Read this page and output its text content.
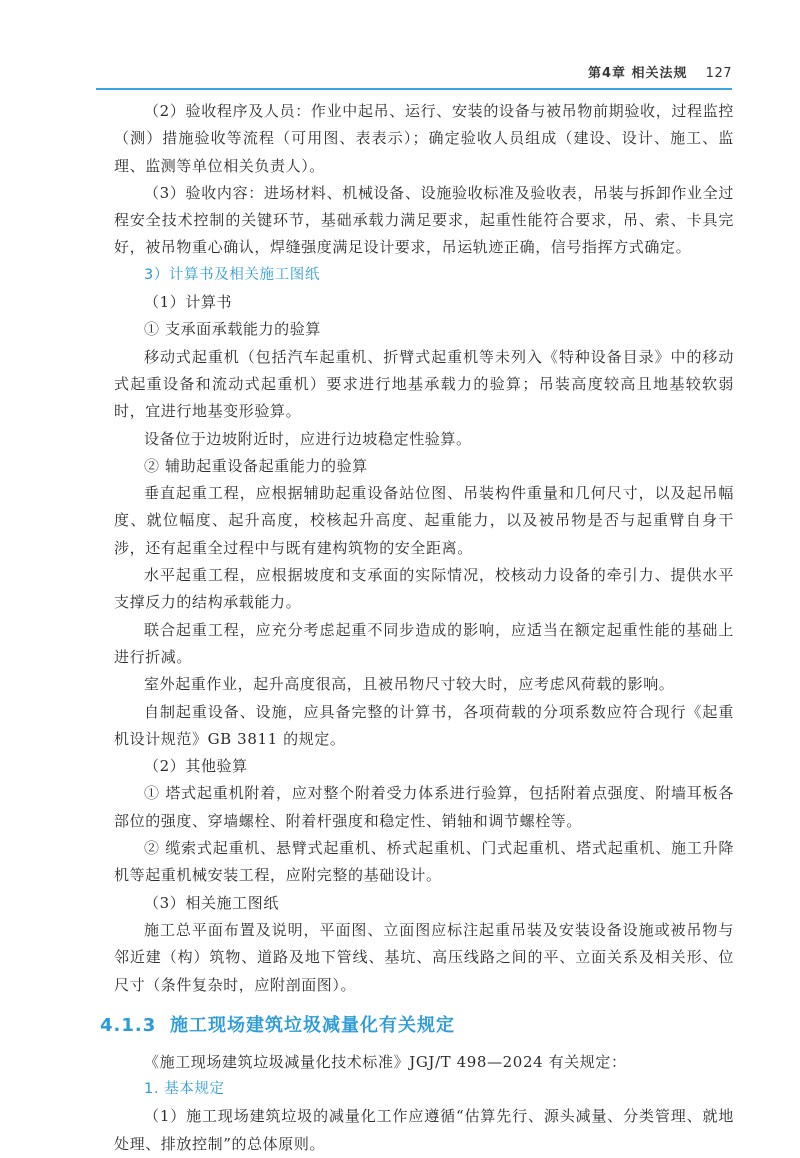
第4章 相关法规 127

（2）验收程序及人员：作业中起吊、运行、安装的设备与被吊物前期验收，过程监控（测）措施验收等流程（可用图、表表示）；确定验收人员组成（建设、设计、施工、监理、监测等单位相关负责人）。

（3）验收内容：进场材料、机械设备、设施验收标准及验收表，吊装与拆卸作业全过程安全技术控制的关键环节，基础承载力满足要求，起重性能符合要求，吊、索、卡具完好，被吊物重心确认，焊缝强度满足设计要求，吊运轨迹正确，信号指挥方式确定。

3）计算书及相关施工图纸

（1）计算书

① 支承面承载能力的验算

移动式起重机（包括汽车起重机、折臂式起重机等未列入《特种设备目录》中的移动式起重设备和流动式起重机）要求进行地基承载力的验算；吊装高度较高且地基较软弱时，宜进行地基变形验算。

设备位于边坡附近时，应进行边坡稳定性验算。

② 辅助起重设备起重能力的验算

垂直起重工程，应根据辅助起重设备站位图、吊装构件重量和几何尺寸，以及起吊幅度、就位幅度、起升高度，校核起升高度、起重能力，以及被吊物是否与起重臂自身干涉，还有起重全过程中与既有建构筑物的安全距离。

水平起重工程，应根据坡度和支承面的实际情况，校核动力设备的牵引力、提供水平支撑反力的结构承载能力。

联合起重工程，应充分考虑起重不同步造成的影响，应适当在额定起重性能的基础上进行折减。

室外起重作业，起升高度很高，且被吊物尺寸较大时，应考虑风荷载的影响。

自制起重设备、设施，应具备完整的计算书，各项荷载的分项系数应符合现行《起重机设计规范》GB 3811 的规定。

（2）其他验算

① 塔式起重机附着，应对整个附着受力体系进行验算，包括附着点强度、附墙耳板各部位的强度、穿墙螺栓、附着杆强度和稳定性、销轴和调节螺栓等。

② 缆索式起重机、悬臂式起重机、桥式起重机、门式起重机、塔式起重机、施工升降机等起重机械安装工程，应附完整的基础设计。

（3）相关施工图纸

施工总平面布置及说明，平面图、立面图应标注起重吊装及安装设备设施或被吊物与邻近建（构）筑物、道路及地下管线、基坑、高压线路之间的平、立面关系及相关形、位尺寸（条件复杂时，应附剖面图）。

4.1.3 施工现场建筑垃圾减量化有关规定

《施工现场建筑垃圾减量化技术标准》JGJ/T 498—2024 有关规定：

1. 基本规定

（1）施工现场建筑垃圾的减量化工作应遵循“估算先行、源头减量、分类管理、就地处理、排放控制”的总体原则。
